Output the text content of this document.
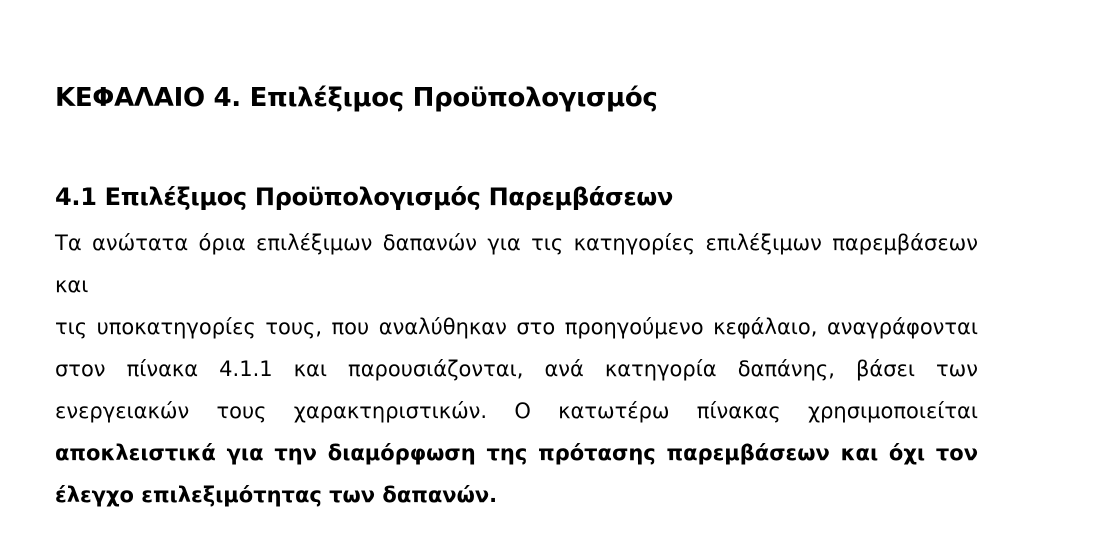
ΚΕΦΑΛΑΙΟ 4. Επιλέξιμος Προϋπολογισμός
4.1 Επιλέξιμος Προϋπολογισμός Παρεμβάσεων
Τα ανώτατα όρια επιλέξιμων δαπανών για τις κατηγορίες επιλέξιμων παρεμβάσεων και
τις υποκατηγορίες τους, που αναλύθηκαν στο προηγούμενο κεφάλαιο, αναγράφονται
στον πίνακα 4.1.1 και παρουσιάζονται, ανά κατηγορία δαπάνης, βάσει των
ενεργειακών τους χαρακτηριστικών. Ο κατωτέρω πίνακας χρησιμοποιείται
αποκλειστικά για την διαμόρφωση της πρότασης παρεμβάσεων και όχι τον
έλεγχο επιλεξιμότητας των δαπανών.
